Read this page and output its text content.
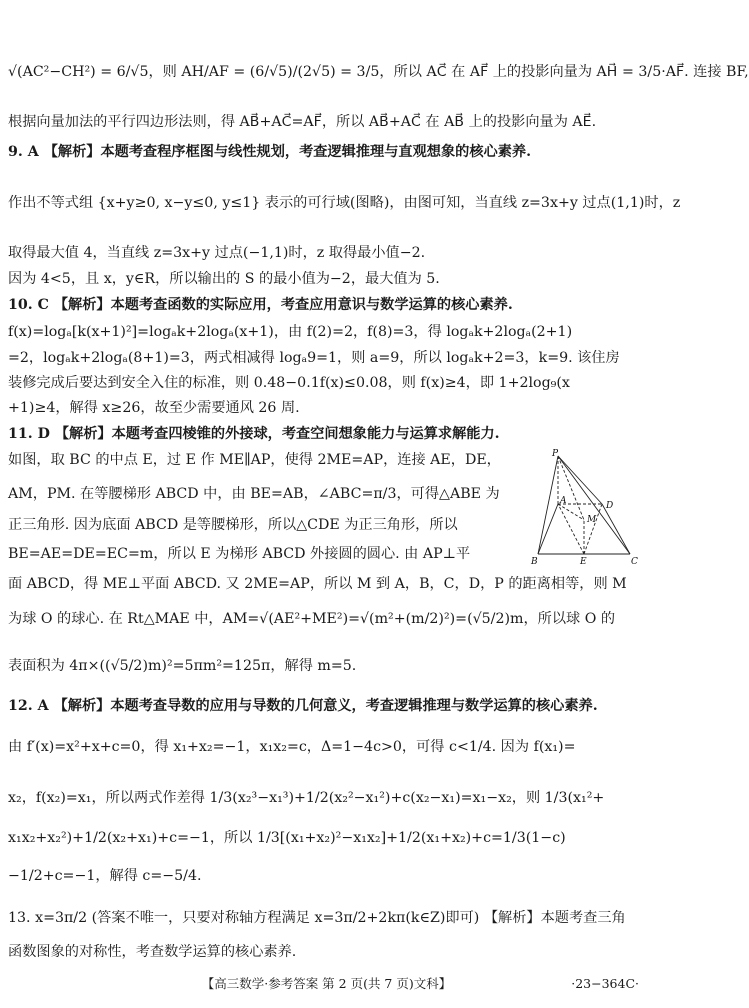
√(AC²−CH²) = 6/√5，则 AH/AF = (6/√5)/(2√5) = 3/5，所以 AC⃗ 在 AF⃗ 上的投影向量为 AH⃗ = 3/5·AF⃗. 连接 BF,
根据向量加法的平行四边形法则，得 AB⃗+AC⃗=AF⃗，所以 AB⃗+AC⃗ 在 AB⃗ 上的投影向量为 AE⃗.
9. A 【解析】本题考查程序框图与线性规划，考查逻辑推理与直观想象的核心素养.
作出不等式组 {x+y≥0, x−y≤0, y≤1} 表示的可行域(图略)，由图可知，当直线 z=3x+y 过点(1,1)时，z
取得最大值 4，当直线 z=3x+y 过点(−1,1)时，z 取得最小值−2.
因为 4<5，且 x，y∈R，所以输出的 S 的最小值为−2，最大值为 5.
10. C 【解析】本题考查函数的实际应用，考查应用意识与数学运算的核心素养.
f(x)=logₐ[k(x+1)²]=logₐk+2logₐ(x+1)，由 f(2)=2，f(8)=3，得 logₐk+2logₐ(2+1)
=2，logₐk+2logₐ(8+1)=3，两式相减得 logₐ9=1，则 a=9，所以 logₐk+2=3，k=9. 该住房
装修完成后要达到安全入住的标准，则 0.48−0.1f(x)≤0.08，则 f(x)≥4，即 1+2log₉(x
+1)≥4，解得 x≥26，故至少需要通风 26 周.
11. D 【解析】本题考查四棱锥的外接球，考查空间想象能力与运算求解能力.
如图，取 BC 的中点 E，过 E 作 ME∥AP，使得 2ME=AP，连接 AE，DE，
AM，PM. 在等腰梯形 ABCD 中，由 BE=AB，∠ABC=π/3，可得△ABE 为
正三角形. 因为底面 ABCD 是等腰梯形，所以△CDE 为正三角形，所以
BE=AE=DE=EC=m，所以 E 为梯形 ABCD 外接圆的圆心. 由 AP⊥平
面 ABCD，得 ME⊥平面 ABCD. 又 2ME=AP，所以 M 到 A，B，C，D，P 的距离相等，则 M
为球 O 的球心. 在 Rt△MAE 中，AM=√(AE²+ME²)=√(m²+(m/2)²)=(√5/2)m，所以球 O 的
表面积为 4π×((√5/2)m)²=5πm²=125π，解得 m=5.
12. A 【解析】本题考查导数的应用与导数的几何意义，考查逻辑推理与数学运算的核心素养.
由 f′(x)=x²+x+c=0，得 x₁+x₂=−1，x₁x₂=c，Δ=1−4c>0，可得 c<1/4. 因为 f(x₁)=
x₂，f(x₂)=x₁，所以两式作差得 1/3(x₂³−x₁³)+1/2(x₂²−x₁²)+c(x₂−x₁)=x₁−x₂，则 1/3(x₁²+
x₁x₂+x₂²)+1/2(x₂+x₁)+c=−1，所以 1/3[(x₁+x₂)²−x₁x₂]+1/2(x₁+x₂)+c=1/3(1−c)
−1/2+c=−1，解得 c=−5/4.
13. x=3π/2 (答案不唯一，只要对称轴方程满足 x=3π/2+2kπ(k∈Z)即可) 【解析】本题考查三角
函数图象的对称性，考查数学运算的核心素养.
P
A
B	C
D
E
M
【高三数学·参考答案 第 2 页(共 7 页)文科】	·23−364C·
